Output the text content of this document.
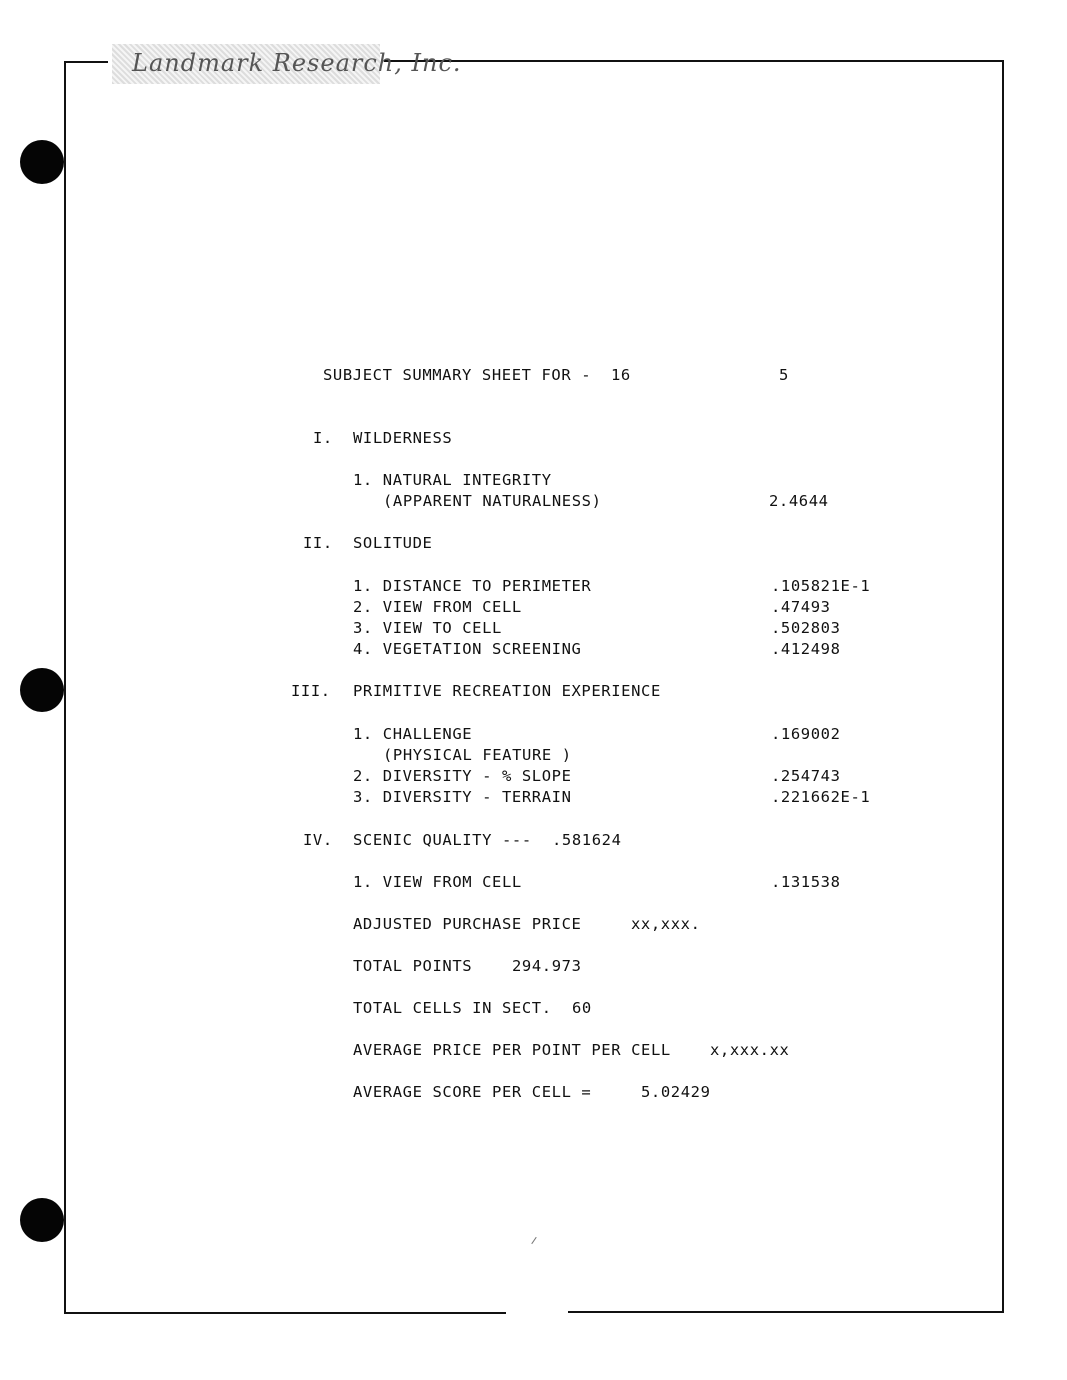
Landmark Research, Inc.
SUBJECT SUMMARY SHEET FOR - 16	5
I. WILDERNESS
1. NATURAL INTEGRITY
(APPARENT NATURALNESS)	2.4644
II. SOLITUDE
1. DISTANCE TO PERIMETER	.105821E-1
2. VIEW FROM CELL	.47493
3. VIEW TO CELL	.502803
4. VEGETATION SCREENING	.412498
III. PRIMITIVE RECREATION EXPERIENCE
1. CHALLENGE	.169002
(PHYSICAL FEATURE )
2. DIVERSITY - % SLOPE	.254743
3. DIVERSITY - TERRAIN	.221662E-1
IV. SCENIC QUALITY --- .581624
1. VIEW FROM CELL	.131538
ADJUSTED PURCHASE PRICE	xx,xxx.
TOTAL POINTS	294.973
TOTAL CELLS IN SECT. 60
AVERAGE PRICE PER POINT PER CELL	x,xxx.xx
AVERAGE SCORE PER CELL =	5.02429
